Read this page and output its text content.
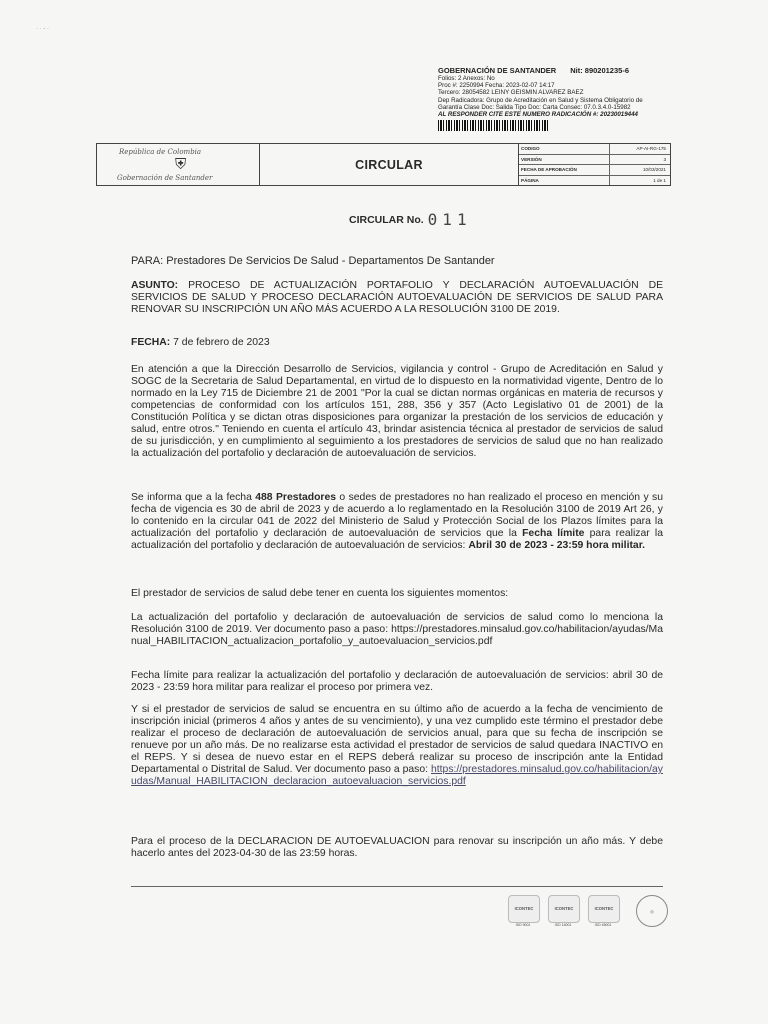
· · - ·
GOBERNACIÓN DE SANTANDER Nit: 890201235-6
Folios: 2 Anexos: No
Proc #: 2250994 Fecha: 2023-02-07 14:17
Tercero: 28054582 LEINY GEISMIN ALVAREZ BAEZ
Dep Radicadora: Grupo de Acreditación en Salud y Sistema Obligatorio de
Garantía Clase Doc: Salida Tipo Doc: Carta Consec: 07.0.3.4.0-15982
AL RESPONDER CITE ESTE NUMERO RADICACIÓN #: 20230019444
República de Colombia
⛨
Gobernación de Santander
CIRCULAR
CODIGO	AP-AI-RG-175
VERSIÓN	3
FECHA DE APROBACIÓN	10/03/2021
PÁGINA	1 de 1
CIRCULAR No. 011
PARA: Prestadores De Servicios De Salud - Departamentos De Santander
ASUNTO: PROCESO DE ACTUALIZACIÓN PORTAFOLIO Y DECLARACIÓN AUTOEVALUACIÓN DE SERVICIOS DE SALUD Y PROCESO DECLARACIÓN AUTOEVALUACIÓN DE SERVICIOS DE SALUD PARA RENOVAR SU INSCRIPCIÓN UN AÑO MÁS ACUERDO A LA RESOLUCIÓN 3100 DE 2019.
FECHA: 7 de febrero de 2023
En atención a que la Dirección Desarrollo de Servicios, vigilancia y control - Grupo de Acreditación en Salud y SOGC de la Secretaria de Salud Departamental, en virtud de lo dispuesto en la normatividad vigente, Dentro de lo normado en la Ley 715 de Diciembre 21 de 2001 "Por la cual se dictan normas orgánicas en materia de recursos y competencias de conformidad con los artículos 151, 288, 356 y 357 (Acto Legislativo 01 de 2001) de la Constitución Política y se dictan otras disposiciones para organizar la prestación de los servicios de educación y salud, entre otros." Teniendo en cuenta el artículo 43, brindar asistencia técnica al prestador de servicios de salud de su jurisdicción, y en cumplimiento al seguimiento a los prestadores de servicios de salud que no han realizado la actualización del portafolio y declaración de autoevaluación de servicios.
Se informa que a la fecha 488 Prestadores o sedes de prestadores no han realizado el proceso en mención y su fecha de vigencia es 30 de abril de 2023 y de acuerdo a lo reglamentado en la Resolución 3100 de 2019 Art 26, y lo contenido en la circular 041 de 2022 del Ministerio de Salud y Protección Social de los Plazos límites para la actualización del portafolio y declaración de autoevaluación de servicios que la Fecha límite para realizar la actualización del portafolio y declaración de autoevaluación de servicios: Abril 30 de 2023 - 23:59 hora militar.
El prestador de servicios de salud debe tener en cuenta los siguientes momentos:
La actualización del portafolio y declaración de autoevaluación de servicios de salud como lo menciona la Resolución 3100 de 2019. Ver documento paso a paso: https://prestadores.minsalud.gov.co/habilitacion/ayudas/Manual_HABILITACION_actualizacion_portafolio_y_autoevaluacion_servicios.pdf
Fecha límite para realizar la actualización del portafolio y declaración de autoevaluación de servicios: abril 30 de 2023 - 23:59 hora militar para realizar el proceso por primera vez.
Y si el prestador de servicios de salud se encuentra en su último año de acuerdo a la fecha de vencimiento de inscripción inicial (primeros 4 años y antes de su vencimiento), y una vez cumplido este término el prestador debe realizar el proceso de declaración de autoevaluación de servicios anual, para que su fecha de inscripción se renueve por un año más. De no realizarse esta actividad el prestador de servicios de salud quedara INACTIVO en el REPS. Y si desea de nuevo estar en el REPS deberá realizar su proceso de inscripción ante la Entidad Departamental o Distrital de Salud. Ver documento paso a paso: https://prestadores.minsalud.gov.co/habilitacion/ayudas/Manual_HABILITACION_declaracion_autoevaluacion_servicios.pdf
Para el proceso de la DECLARACION DE AUTOEVALUACION para renovar su inscripción un año más. Y debe hacerlo antes del 2023-04-30 de las 23:59 horas.
ICONTEC
ISO 9001
ICONTEC
ISO 14001
ICONTEC
ISO 45001
◎
